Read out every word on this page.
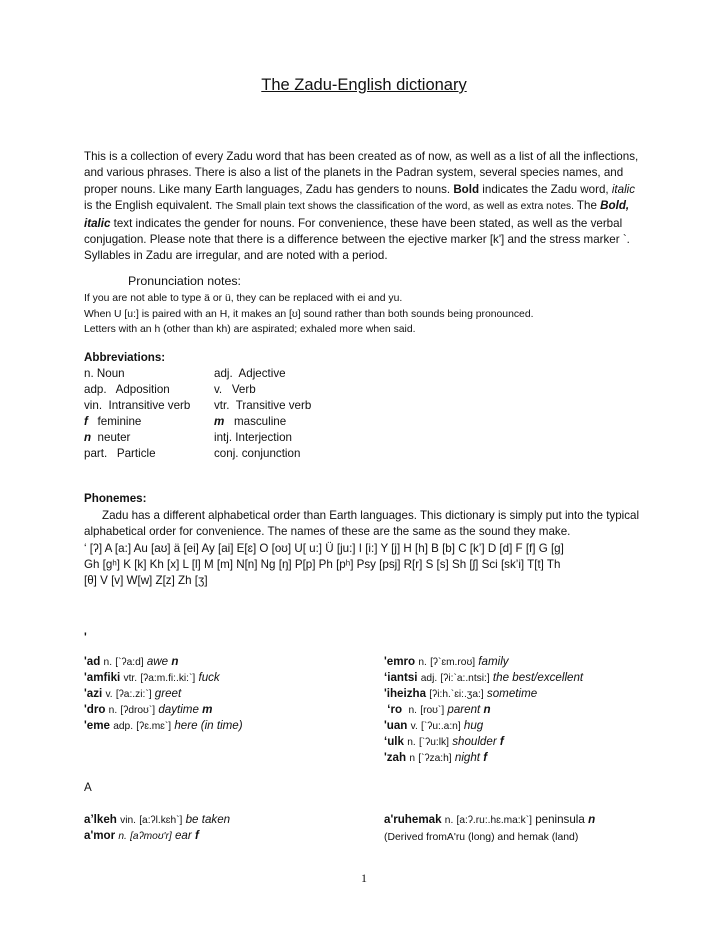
The Zadu-English dictionary
This is a collection of every Zadu word that has been created as of now, as well as a list of all the inflections, and various phrases. There is also a list of the planets in the Padran system, several species names, and proper nouns. Like many Earth languages, Zadu has genders to nouns. Bold indicates the Zadu word, italic is the English equivalent. The Small plain text shows the classification of the word, as well as extra notes. The Bold, italic text indicates the gender for nouns. For convenience, these have been stated, as well as the verbal conjugation. Please note that there is a difference between the ejective marker [k'] and the stress marker `. Syllables in Zadu are irregular, and are noted with a period.
Pronunciation notes:
If you are not able to type ä or ü, they can be replaced with ei and yu.
When U [u:] is paired with an H, it makes an [ʊ] sound rather than both sounds being pronounced.
Letters with an h (other than kh) are aspirated; exhaled more when said.
Abbreviations:
n. Noun
adp. Adposition
vin. Intransitive verb
f feminine
n neuter
part. Particle
adj. Adjective
v. Verb
vtr. Transitive verb
m masculine
intj. Interjection
conj. conjunction
Phonemes:
Zadu has a different alphabetical order than Earth languages. This dictionary is simply put into the typical alphabetical order for convenience. The names of these are the same as the sound they make.
‘ [ʔ] A [a:] Au [aʊ] ä [ei] Ay [ai] E[ɛ] O [oʊ] U[ u:] Ü [ju:] I [i:] Y [j] H [h] B [b] C [k’] D [d] F [f] G [g]
Gh [gʰ] K [k] Kh [x] L [l] M [m] N[n] Ng [ŋ] P[p] Ph [pʰ] Psy [psj] R[r] S [s] Sh [ʃ] Sci [sk’i] T[t] Th
[θ] V [v] W[w] Z[z] Zh [ʒ]
'
'ad n. [`ʔa:d] awe n
'amfiki vtr. [ʔa:m.fi:.ki:`] fuck
'azi v. [ʔa:.zi:`] greet
'dro n. [ʔdroʊ`] daytime m
'eme adp. [ʔɛ.mɛ`] here (in time)
'emro n. [ʔ`ɛm.roʊ] family
‘iantsi adj. [ʔi:`a:.ntsi:] the best/excellent
'iheizha [ʔi:h.`ɛi:.ʒa:] sometime
‘ro n. [roʊ`] parent n
'uan v. [`ʔu:.a:n] hug
‘ulk n. [`ʔu:lk] shoulder f
'zah n [`ʔza:h] night f
A
a’lkeh vin. [a:ʔl.kɛh`] be taken
a'mor n. [aʔmoʊ'r] ear f
a'ruhemak n. [a:ʔ.ru:.hɛ.ma:k`] peninsula n
(Derived fromA'ru (long) and hemak (land)
1
